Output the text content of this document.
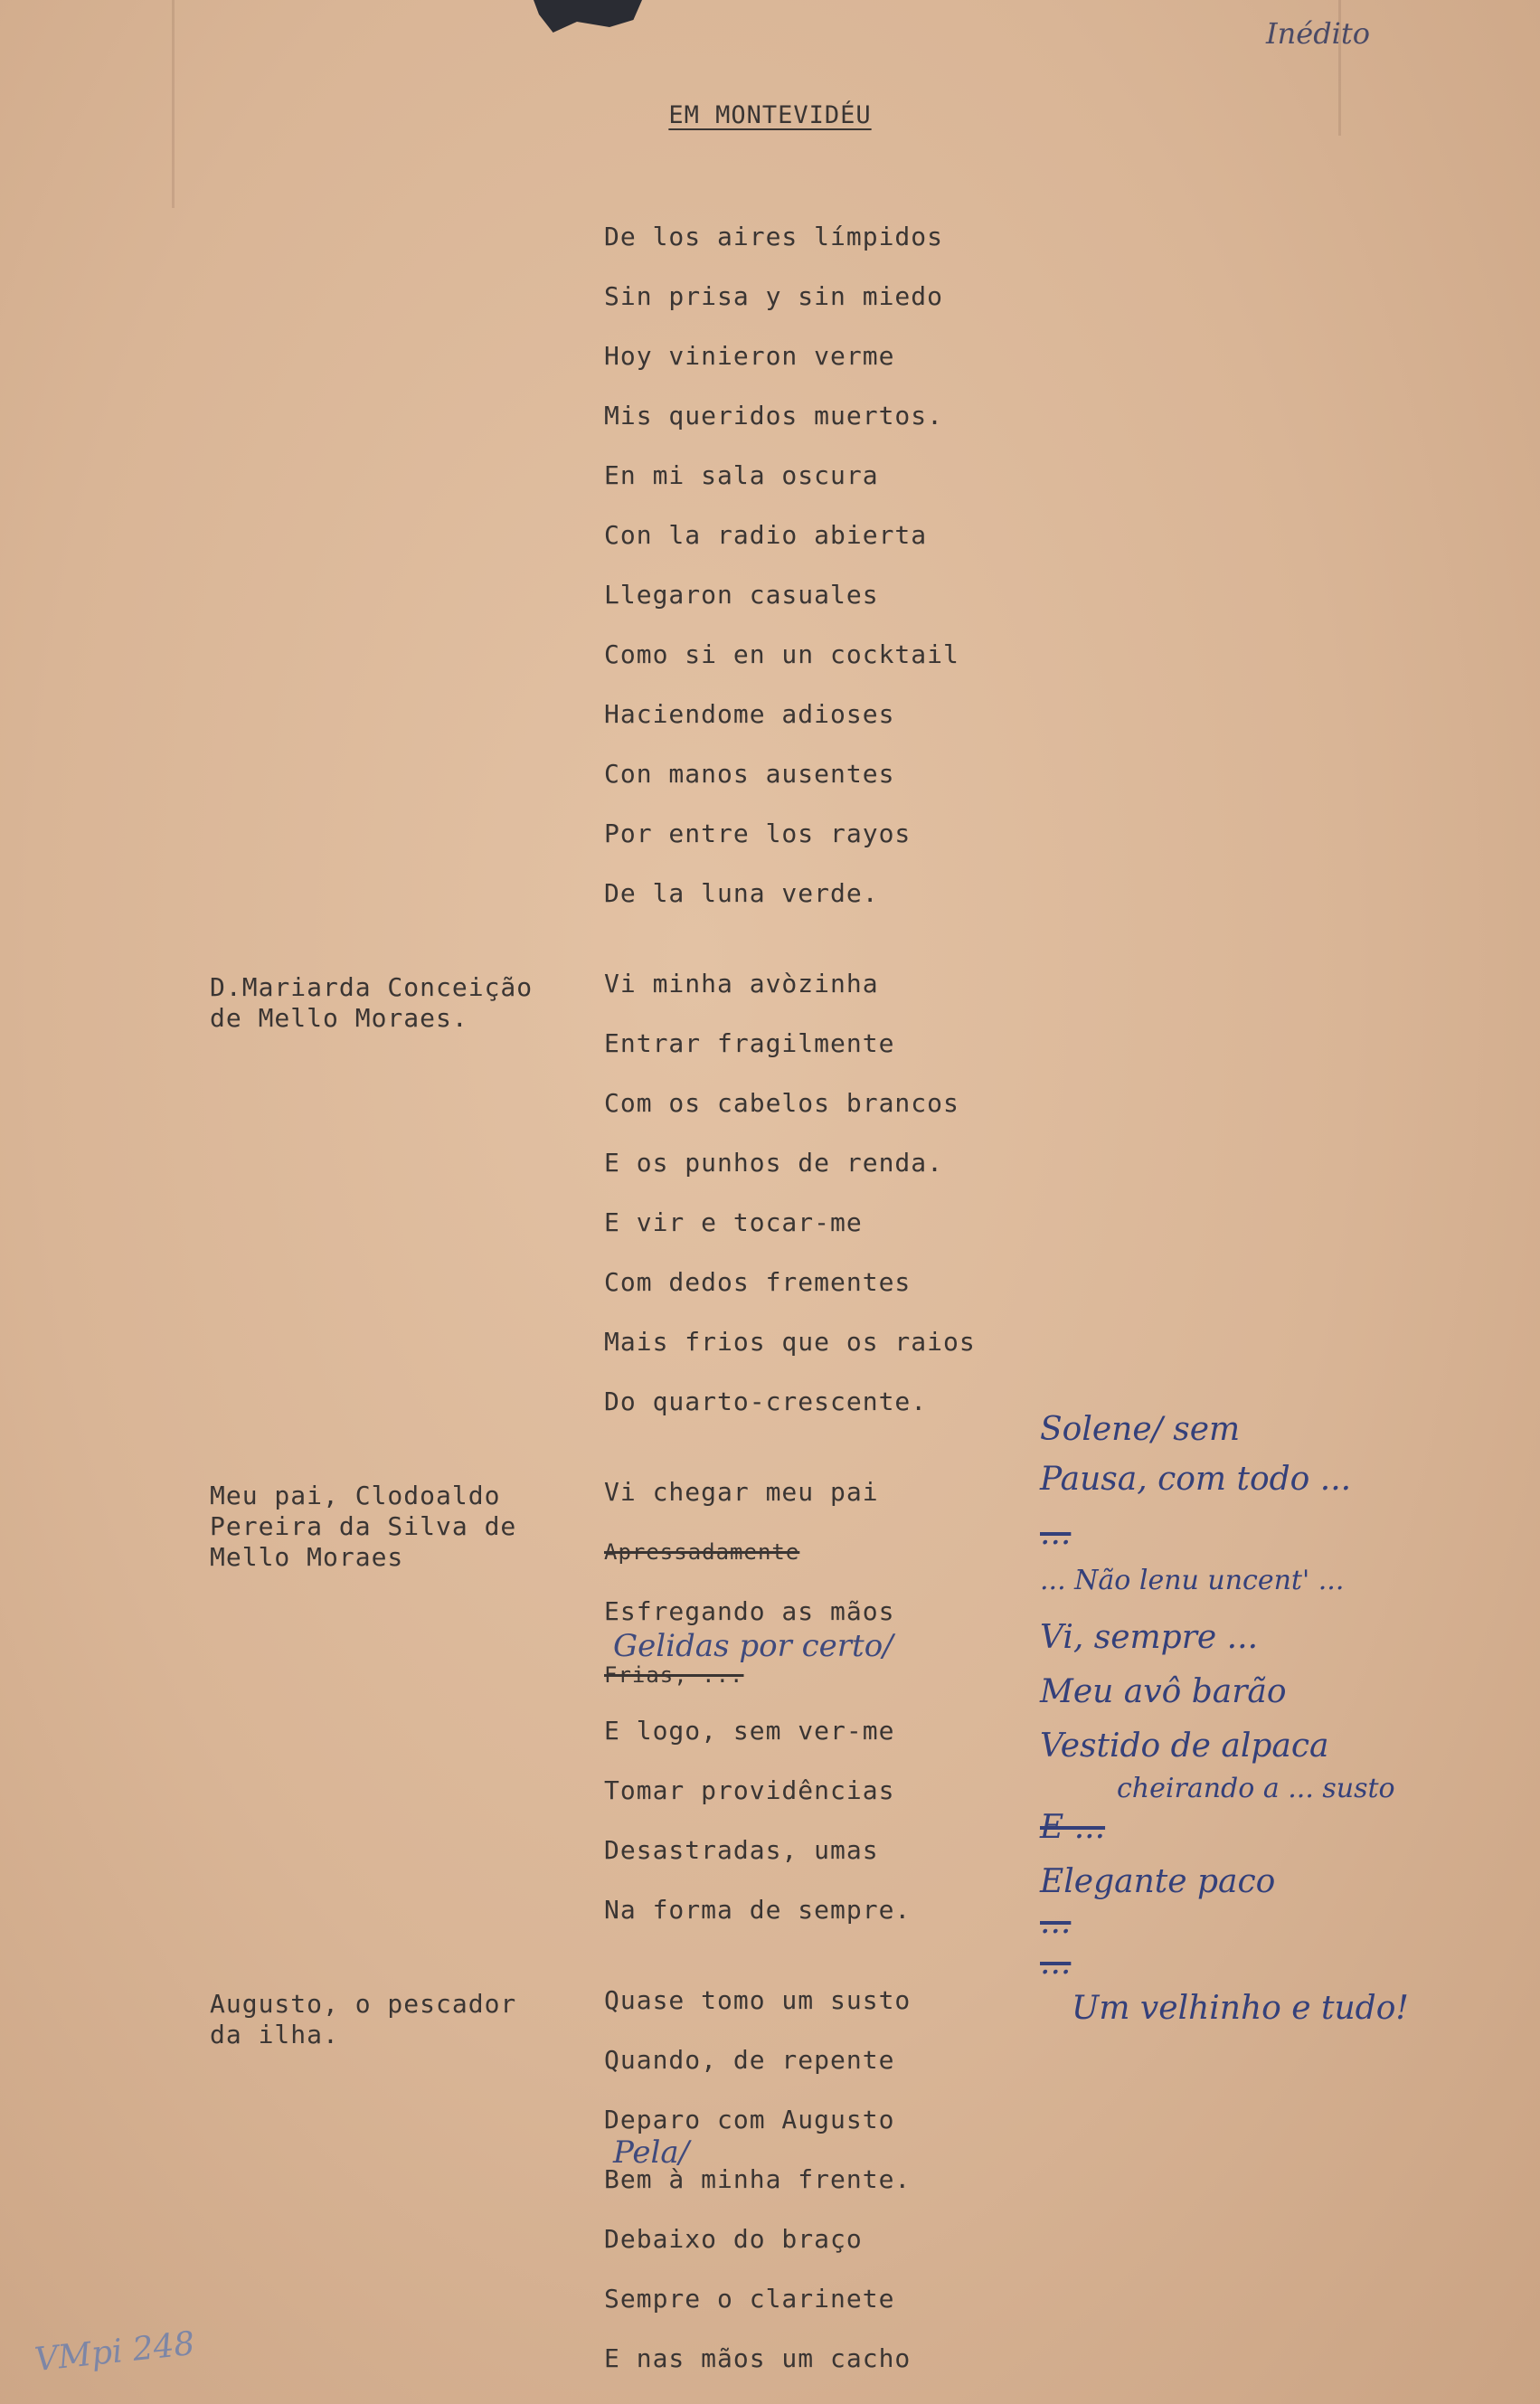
Inédito
EM MONTEVIDÉU
De los aires límpidos
Sin prisa y sin miedo
Hoy vinieron verme
Mis queridos muertos.
En mi sala oscura
Con la radio abierta
Llegaron casuales
Como si en un cocktail
Haciendome adioses
Con manos ausentes
Por entre los rayos
De la luna verde.
D.Mariarda Conceição
de Mello Moraes.
Vi minha avòzinha
Entrar fragilmente
Com os cabelos brancos
E os punhos de renda.
E vir e tocar-me
Com dedos frementes
Mais frios que os raios
Do quarto-crescente.
Meu pai, Clodoaldo
Pereira da Silva de
Mello Moraes
Vi chegar meu pai
Apressadamente
Esfregando as mãos
Gelidas por certo/
Frias, ...
E logo, sem ver-me
Tomar providências
Desastradas, umas
Na forma de sempre.
Augusto, o pescador
da ilha.
Quase tomo um susto
Quando, de repente
Deparo com Augusto
Pela/
Bem à minha frente.
Debaixo do braço
Sempre o clarinete
E nas mãos um cacho
Solene/ sem
Pausa, com todo ...
...
... Não lenu uncent' ...
Vi, sempre ...
Meu avô barão
Vestido de alpaca
cheirando a ... susto
E ...
Elegante paco
...
...
Um velhinho e tudo!
VMpi 248
